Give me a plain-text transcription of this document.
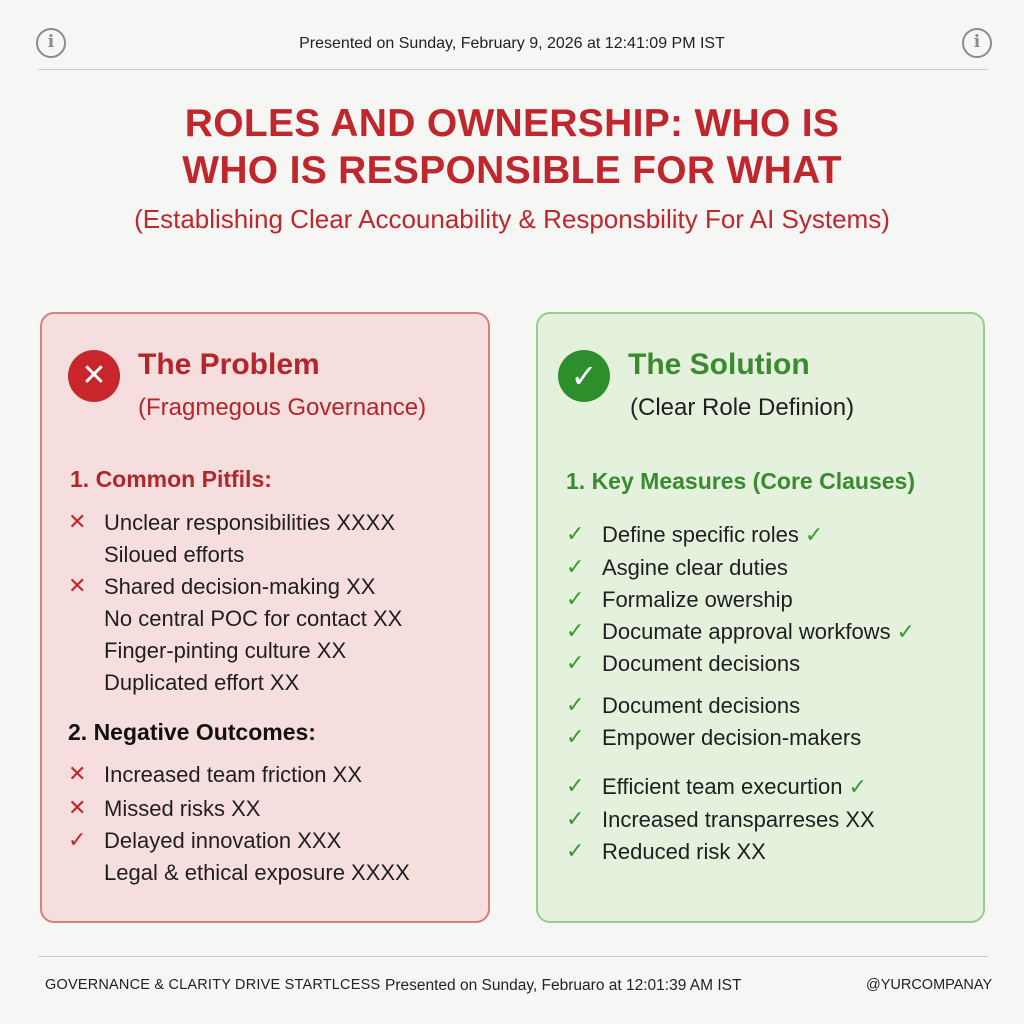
i	Presented on Sunday, February 9, 2026 at 12:41:09 PM IST	i
ROLES AND OWNERSHIP: WHO IS
WHO IS RESPONSIBLE FOR WHAT
(Establishing Clear Accounability & Responsbility For AI Systems)
✕	The Problem
(Fragmegous Governance)
1. Common Pitfils:
✕ Unclear responsibilities XXXX
Siloued efforts
✕ Shared decision-making XX
No central POC for contact XX
Finger-pinting culture XX
Duplicated effort XX
2. Negative Outcomes:
✕ Increased team friction XX
✕ Missed risks XX
✓ Delayed innovation XXX
Legal & ethical exposure XXXX
✓	The Solution
(Clear Role Definion)
1. Key Measures (Core Clauses)
✓ Define specific roles ✓
✓ Asgine clear duties
✓ Formalize owership
✓ Documate approval workfows ✓
✓ Document decisions
✓ Document decisions
✓ Empower decision-makers
✓ Efficient team execurtion ✓
✓ Increased transparreses XX
✓ Reduced risk XX
GOVERNANCE & CLARITY DRIVE STARTLCESS Presented on Sunday, Februaro at 12:01:39 AM IST	@YURCOMPANAY
